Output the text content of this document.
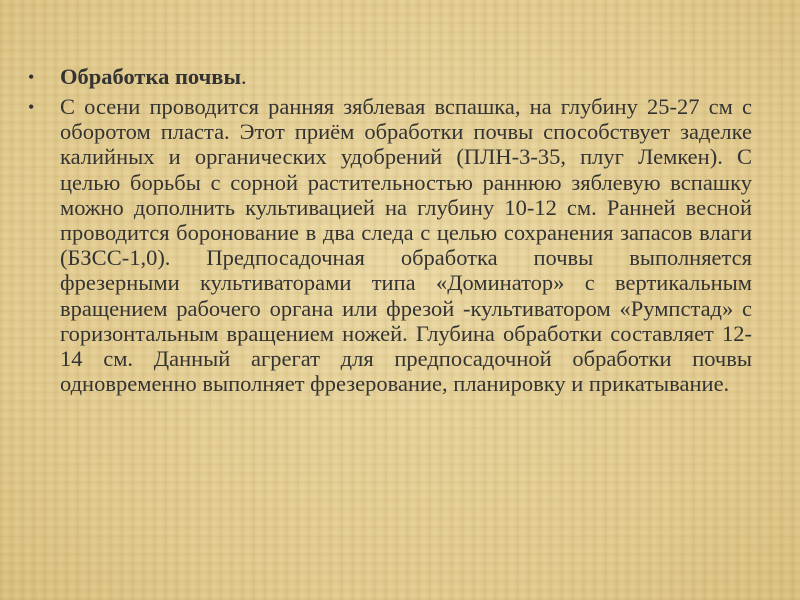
•	Обработка почвы.
•	С осени проводится ранняя зяблевая вспашка, на глубину 25-27 см с оборотом пласта. Этот приём обработки почвы способствует заделке калийных и органических удобрений (ПЛН-3-35, плуг Лемкен). С целью борьбы с сорной растительностью раннюю зяблевую вспашку можно дополнить культивацией на глубину 10-12 см. Ранней весной проводится боронование в два следа с целью сохранения запасов влаги (БЗСС-1,0). Предпосадочная обработка почвы выполняется фрезерными культиваторами типа «Доминатор» с вертикальным вращением рабочего органа или фрезой -культиватором «Румпстад» с горизонтальным вращением ножей. Глубина обработки составляет 12-14 см. Данный агрегат для предпосадочной обработки почвы одновременно выполняет фрезерование, планировку и прикатывание.
